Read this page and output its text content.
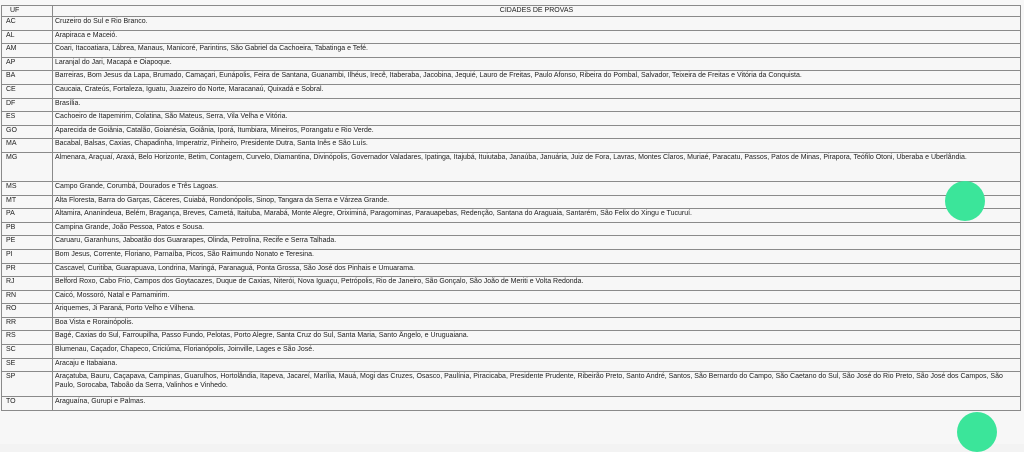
UF	CIDADES DE PROVAS
AC	Cruzeiro do Sul e Rio Branco.
AL	Arapiraca e Maceió.
AM	Coari, Itacoatiara, Lábrea, Manaus, Manicoré, Parintins, São Gabriel da Cachoeira, Tabatinga e Tefé.
AP	Laranjal do Jari, Macapá e Oiapoque.
BA	Barreiras, Bom Jesus da Lapa, Brumado, Camaçari, Eunápolis, Feira de Santana, Guanambi, Ilhéus, Irecê, Itaberaba, Jacobina, Jequié, Lauro de Freitas, Paulo Afonso, Ribeira do Pombal, Salvador, Teixeira de Freitas e Vitória da Conquista.
CE	Caucaia, Crateús, Fortaleza, Iguatu, Juazeiro do Norte, Maracanaú, Quixadá e Sobral.
DF	Brasília.
ES	Cachoeiro de Itapemirim, Colatina, São Mateus, Serra, Vila Velha e Vitória.
GO	Aparecida de Goiânia, Catalão, Goianésia, Goiânia, Iporá, Itumbiara, Mineiros, Porangatu e Rio Verde.
MA	Bacabal, Balsas, Caxias, Chapadinha, Imperatriz, Pinheiro, Presidente Dutra, Santa Inês e São Luís.
MG	Almenara, Araçuaí, Araxá, Belo Horizonte, Betim, Contagem, Curvelo, Diamantina, Divinópolis, Governador Valadares, Ipatinga, Itajubá, Ituiutaba, Janaúba, Januária, Juiz de Fora, Lavras, Montes Claros, Muriaé, Paracatu, Passos, Patos de Minas, Pirapora, Teófilo Otoni, Uberaba e Uberlândia.
MS	Campo Grande, Corumbá, Dourados e Três Lagoas.
MT	Alta Floresta, Barra do Garças, Cáceres, Cuiabá, Rondonópolis, Sinop, Tangara da Serra e Várzea Grande.
PA	Altamira, Ananindeua, Belém, Bragança, Breves, Cametá, Itaituba, Marabá, Monte Alegre, Oriximiná, Paragominas, Parauapebas, Redenção, Santana do Araguaia, Santarém, São Felix do Xingu e Tucuruí.
PB	Campina Grande, João Pessoa, Patos e Sousa.
PE	Caruaru, Garanhuns, Jaboatão dos Guararapes, Olinda, Petrolina, Recife e Serra Talhada.
PI	Bom Jesus, Corrente, Floriano, Parnaíba, Picos, São Raimundo Nonato e Teresina.
PR	Cascavel, Curitiba, Guarapuava, Londrina, Maringá, Paranaguá, Ponta Grossa, São José dos Pinhais e Umuarama.
RJ	Belford Roxo, Cabo Frio, Campos dos Goytacazes, Duque de Caxias, Niterói, Nova Iguaçu, Petrópolis, Rio de Janeiro, São Gonçalo, São João de Meriti e Volta Redonda.
RN	Caicó, Mossoró, Natal e Parnamirim.
RO	Ariquemes, Ji Paraná, Porto Velho e Vilhena.
RR	Boa Vista e Rorainópolis.
RS	Bagé, Caxias do Sul, Farroupilha, Passo Fundo, Pelotas, Porto Alegre, Santa Cruz do Sul, Santa Maria, Santo Ângelo, e Uruguaiana.
SC	Blumenau, Caçador, Chapeco, Criciúma, Florianópolis, Joinville, Lages e São José.
SE	Aracaju e Itabaiana.
SP	Araçatuba, Bauru, Caçapava, Campinas, Guarulhos, Hortolândia, Itapeva, Jacareí, Marília, Mauá, Mogi das Cruzes, Osasco, Paulínia, Piracicaba, Presidente Prudente, Ribeirão Preto, Santo André, Santos, São Bernardo do Campo, São Caetano do Sul, São José do Rio Preto, São José dos Campos, São Paulo, Sorocaba, Taboão da Serra, Valinhos e Vinhedo.
TO	Araguaína, Gurupi e Palmas.
